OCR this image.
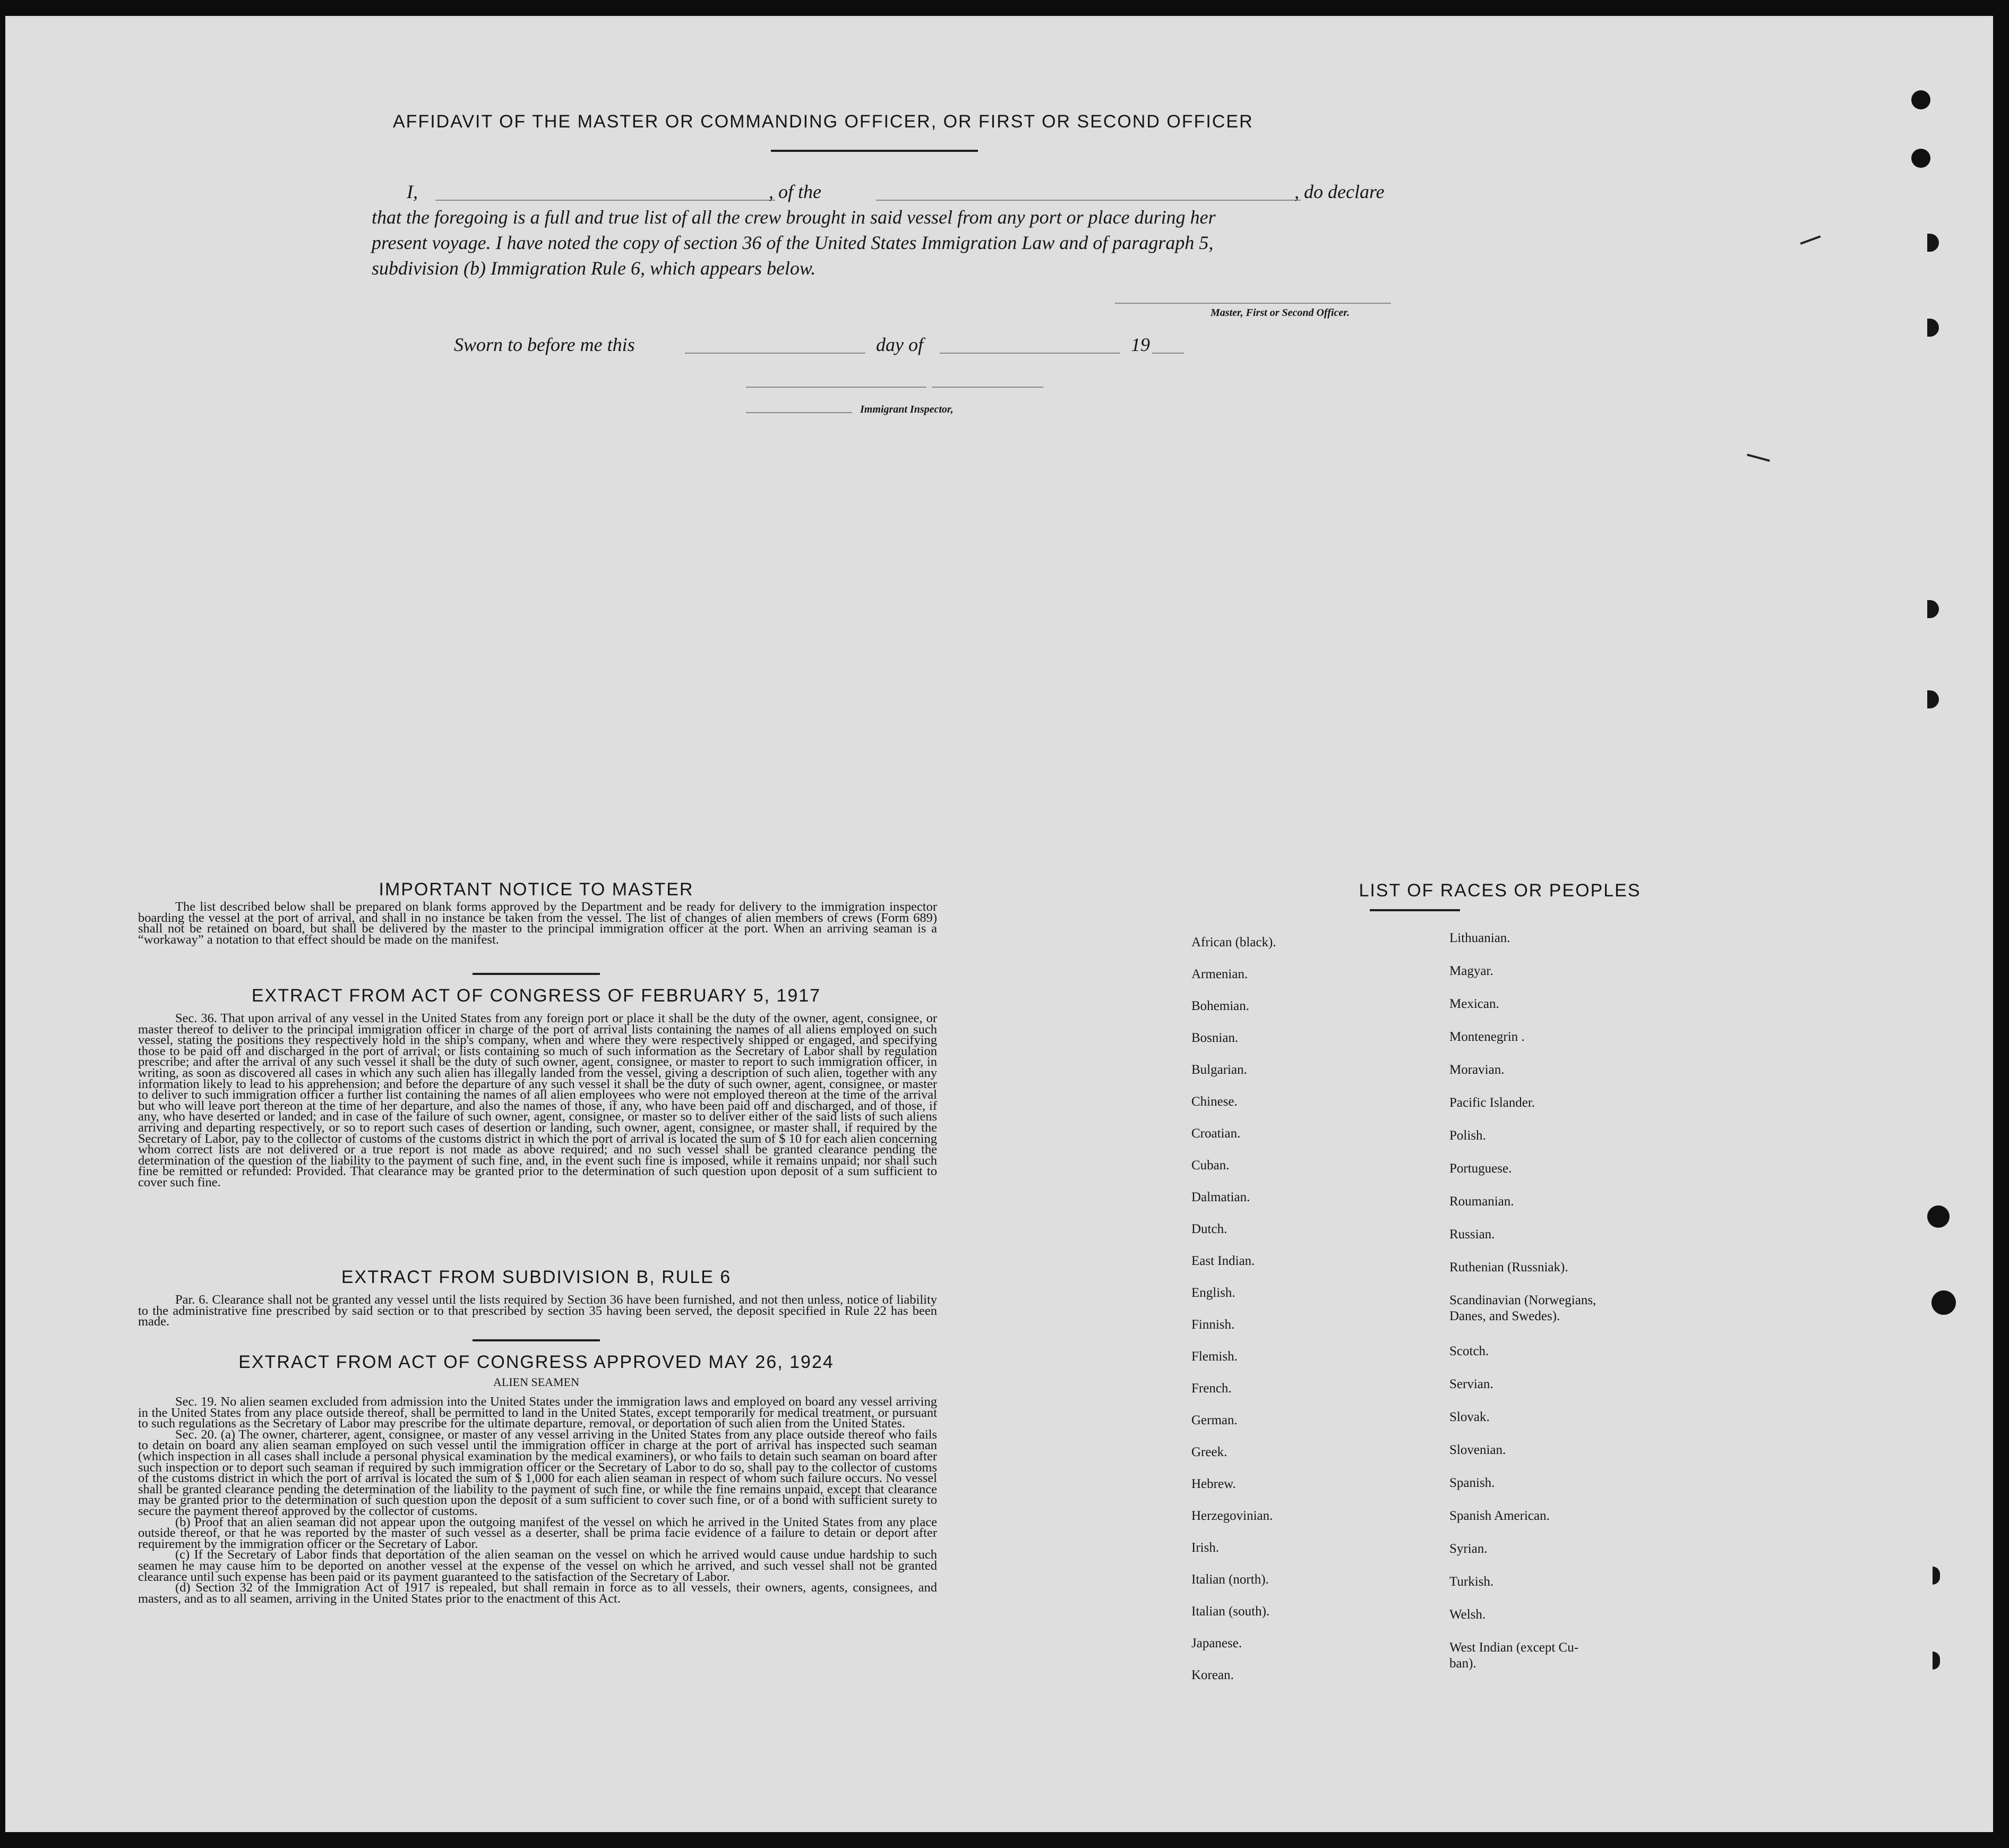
AFFIDAVIT OF THE MASTER OR COMMANDING OFFICER, OR FIRST OR SECOND OFFICER
I,	, of the	, do declare
that the foregoing is a full and true list of all the crew brought in said vessel from any port or place during her
present voyage. I have noted the copy of section 36 of the United States Immigration Law and of paragraph 5,
subdivision (b) Immigration Rule 6, which appears below.
Master, First or Second Officer.
Sworn to before me this	day of	19
Immigrant Inspector,
IMPORTANT NOTICE TO MASTER

The list described below shall be prepared on blank forms approved by the Department and be ready for delivery to the immigration inspector boarding the vessel at the port of arrival, and shall in no instance be taken from the vessel. The list of changes of alien members of crews (Form 689) shall not be retained on board, but shall be delivered by the master to the principal immigration officer at the port. When an arriving seaman is a “workaway” a notation to that effect should be made on the manifest.

EXTRACT FROM ACT OF CONGRESS OF FEBRUARY 5, 1917

Sec. 36. That upon arrival of any vessel in the United States from any foreign port or place it shall be the duty of the owner, agent, consignee, or master thereof to deliver to the principal immigration officer in charge of the port of arrival lists containing the names of all aliens employed on such vessel, stating the positions they respectively hold in the ship's company, when and where they were respectively shipped or engaged, and specifying those to be paid off and discharged in the port of arrival; or lists containing so much of such information as the Secretary of Labor shall by regulation prescribe; and after the arrival of any such vessel it shall be the duty of such owner, agent, consignee, or master to report to such immigration officer, in writing, as soon as discovered all cases in which any such alien has illegally landed from the vessel, giving a description of such alien, together with any information likely to lead to his apprehension; and before the departure of any such vessel it shall be the duty of such owner, agent, consignee, or master to deliver to such immigration officer a further list containing the names of all alien employees who were not employed thereon at the time of the arrival but who will leave port thereon at the time of her departure, and also the names of those, if any, who have been paid off and discharged, and of those, if any, who have deserted or landed; and in case of the failure of such owner, agent, consignee, or master so to deliver either of the said lists of such aliens arriving and departing respectively, or so to report such cases of desertion or landing, such owner, agent, consignee, or master shall, if required by the Secretary of Labor, pay to the collector of customs of the customs district in which the port of arrival is located the sum of $ 10 for each alien concerning whom correct lists are not delivered or a true report is not made as above required; and no such vessel shall be granted clearance pending the determination of the question of the liability to the payment of such fine, and, in the event such fine is imposed, while it remains unpaid; nor shall such fine be remitted or refunded: Provided. That clearance may be granted prior to the determination of such question upon deposit of a sum sufficient to cover such fine.

EXTRACT FROM SUBDIVISION B, RULE 6

Par. 6. Clearance shall not be granted any vessel until the lists required by Section 36 have been furnished, and not then unless, notice of liability to the administrative fine prescribed by said section or to that prescribed by section 35 having been served, the deposit specified in Rule 22 has been made.

EXTRACT FROM ACT OF CONGRESS APPROVED MAY 26, 1924
ALIEN SEAMEN

Sec. 19. No alien seamen excluded from admission into the United States under the immigration laws and employed on board any vessel arriving in the United States from any place outside thereof, shall be permitted to land in the United States, except temporarily for medical treatment, or pursuant to such regulations as the Secretary of Labor may prescribe for the ultimate departure, removal, or deportation of such alien from the United States.

Sec. 20. (a) The owner, charterer, agent, consignee, or master of any vessel arriving in the United States from any place outside thereof who fails to detain on board any alien seaman employed on such vessel until the immigration officer in charge at the port of arrival has inspected such seaman (which inspection in all cases shall include a personal physical examination by the medical examiners), or who fails to detain such seaman on board after such inspection or to deport such seaman if required by such immigration officer or the Secretary of Labor to do so, shall pay to the collector of customs of the customs district in which the port of arrival is located the sum of $ 1,000 for each alien seaman in respect of whom such failure occurs. No vessel shall be granted clearance pending the determination of the liability to the payment of such fine, or while the fine remains unpaid, except that clearance may be granted prior to the determination of such question upon the deposit of a sum sufficient to cover such fine, or of a bond with sufficient surety to secure the payment thereof approved by the collector of customs.

(b) Proof that an alien seaman did not appear upon the outgoing manifest of the vessel on which he arrived in the United States from any place outside thereof, or that he was reported by the master of such vessel as a deserter, shall be prima facie evidence of a failure to detain or deport after requirement by the immigration officer or the Secretary of Labor.

(c) If the Secretary of Labor finds that deportation of the alien seaman on the vessel on which he arrived would cause undue hardship to such seamen he may cause him to be deported on another vessel at the expense of the vessel on which he arrived, and such vessel shall not be granted clearance until such expense has been paid or its payment guaranteed to the satisfaction of the Secretary of Labor.

(d) Section 32 of the Immigration Act of 1917 is repealed, but shall remain in force as to all vessels, their owners, agents, consignees, and masters, and as to all seamen, arriving in the United States prior to the enactment of this Act.

LIST OF RACES OR PEOPLES
African (black).
Armenian.
Bohemian.
Bosnian.
Bulgarian.
Chinese.
Croatian.
Cuban.
Dalmatian.
Dutch.
East Indian.
English.
Finnish.
Flemish.
French.
German.
Greek.
Hebrew.
Herzegovinian.
Irish.
Italian (north).
Italian (south).
Japanese.
Korean.
Lithuanian.
Magyar.
Mexican.
Montenegrin .
Moravian.
Pacific Islander.
Polish.
Portuguese.
Roumanian.
Russian.
Ruthenian (Russniak).
Scandinavian (Norwegians,
Danes, and Swedes).
Scotch.
Servian.
Slovak.
Slovenian.
Spanish.
Spanish American.
Syrian.
Turkish.
Welsh.
West Indian (except Cu-
ban).
